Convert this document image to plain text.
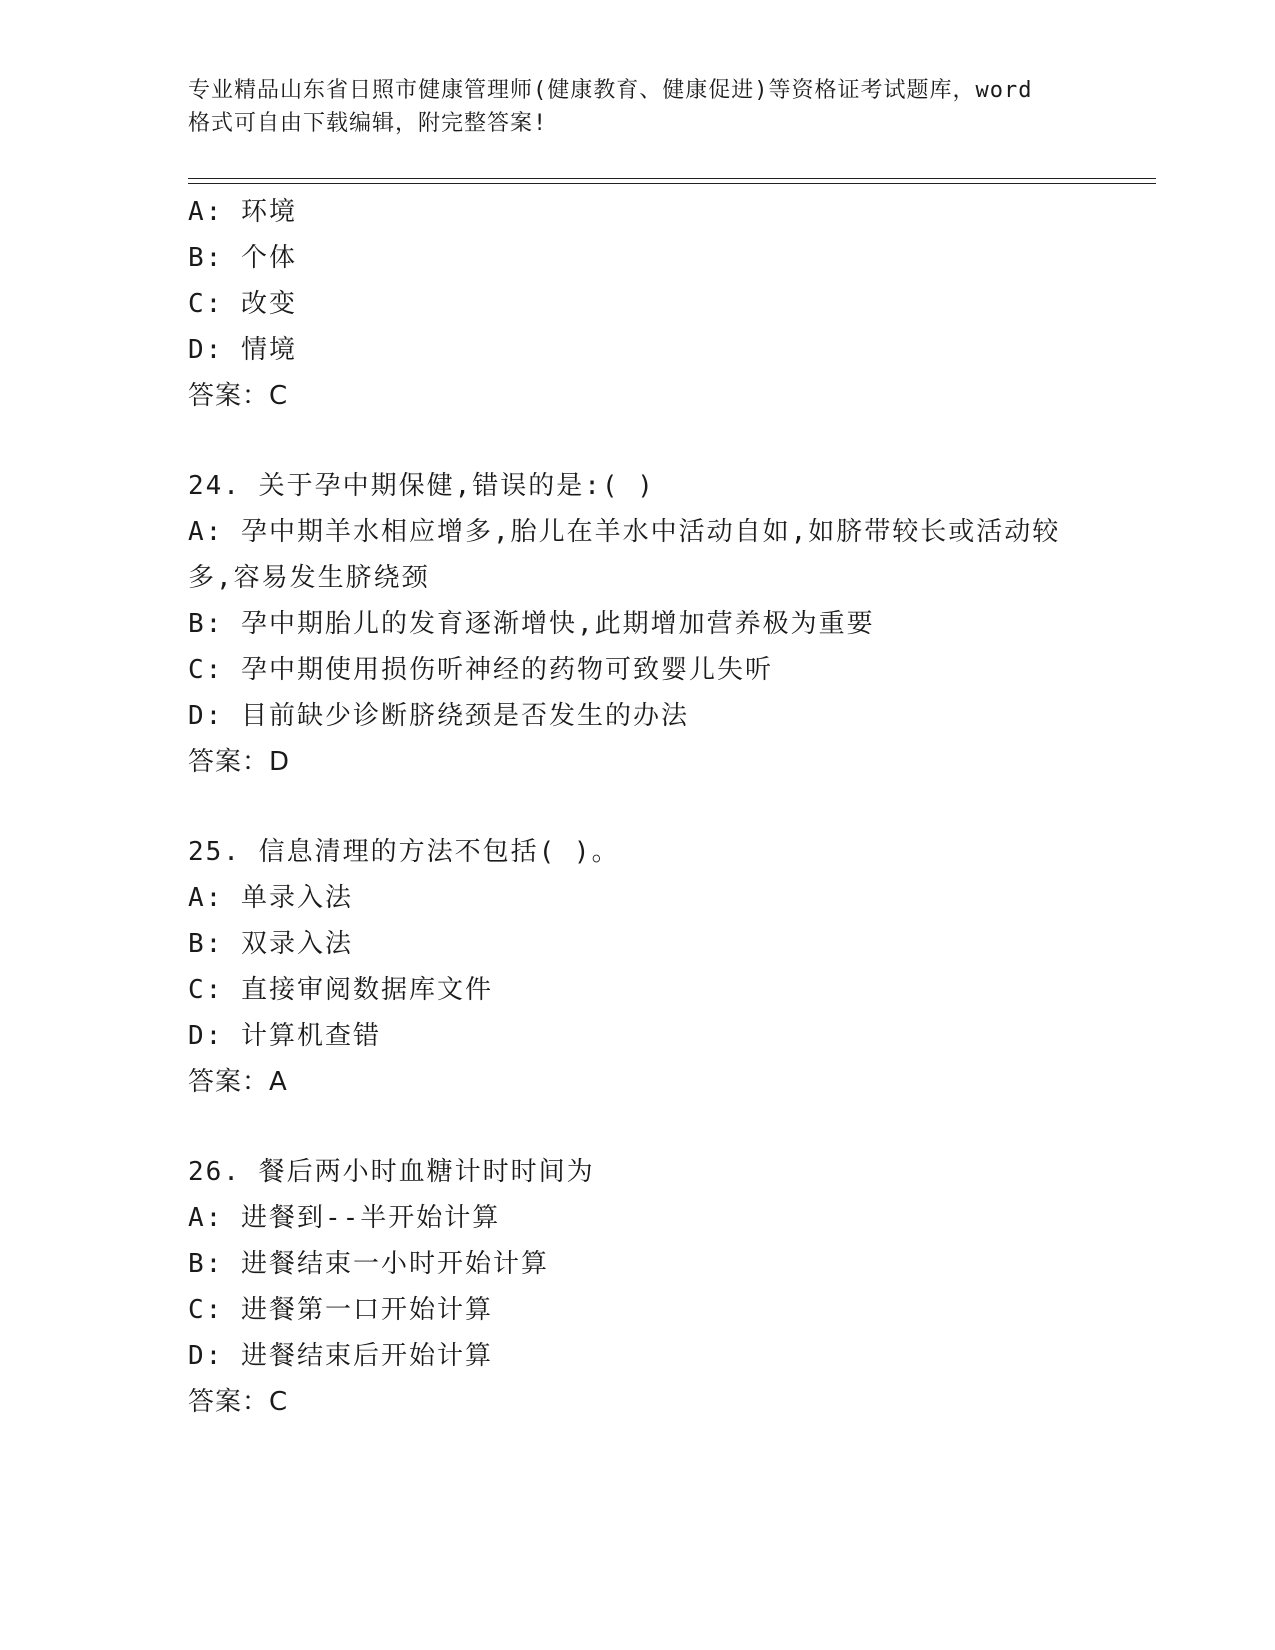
专业精品山东省日照市健康管理师(健康教育、健康促进)等资格证考试题库，word
格式可自由下载编辑，附完整答案!
A: 环境
B: 个体
C: 改变
D: 情境
答案：C
24. 关于孕中期保健,错误的是:( )
A: 孕中期羊水相应增多,胎儿在羊水中活动自如,如脐带较长或活动较
多,容易发生脐绕颈
B: 孕中期胎儿的发育逐渐增快,此期增加营养极为重要
C: 孕中期使用损伤听神经的药物可致婴儿失听
D: 目前缺少诊断脐绕颈是否发生的办法
答案：D
25. 信息清理的方法不包括( )。
A: 单录入法
B: 双录入法
C: 直接审阅数据库文件
D: 计算机查错
答案：A
26. 餐后两小时血糖计时时间为
A: 进餐到--半开始计算
B: 进餐结束一小时开始计算
C: 进餐第一口开始计算
D: 进餐结束后开始计算
答案：C
